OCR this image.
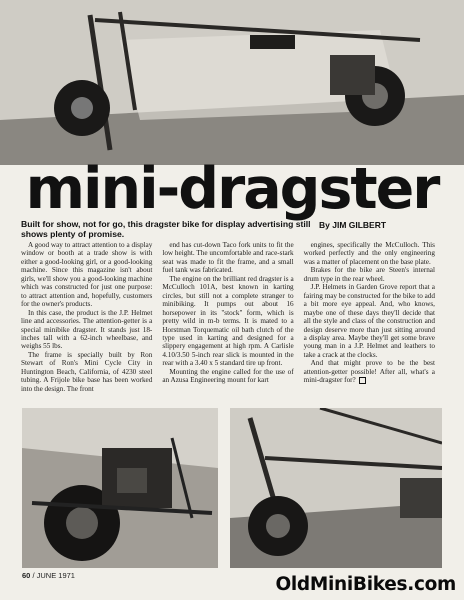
mini-dragster
Built for show, not for go, this dragster bike for display advertising still shows plenty of promise.
By JIM GILBERT

A good way to attract attention to a display window or booth at a trade show is with either a good-looking girl, or a good-looking machine. Since this magazine isn't about girls, we'll show you a good-looking machine which was constructed for just one purpose: to attract attention and, hopefully, customers for the owner's products.

In this case, the product is the J.P. Helmet line and accessories. The attention-getter is a special minibike dragster. It stands just 18-inches tall with a 62-inch wheelbase, and weighs 55 lbs.

The frame is specially built by Ron Stewart of Ron's Mini Cycle City in Huntington Beach, California, of 4230 steel tubing. A Frijole bike base has been worked into the design. The front

end has cut-down Taco fork units to fit the low height. The uncomfortable and race-stark seat was made to fit the frame, and a small fuel tank was fabricated.

The engine on the brilliant red dragster is a McCulloch 101A, best known in karting circles, but still not a complete stranger to minibiking. It pumps out about 16 horsepower in its "stock" form, which is pretty wild in m-b terms. It is mated to a Horstman Torquematic oil bath clutch of the type used in karting and designed for a slippery engagement at high rpm. A Carlisle 4.10/3.50 5-inch rear slick is mounted in the rear with a 3.40 x 5 standard tire up front.

Mounting the engine called for the use of an Azusa Engineering mount for kart

engines, specifically the McCulloch. This worked perfectly and the only engineering was a matter of placement on the base plate.

Brakes for the bike are Steen's internal drum type in the rear wheel.

J.P. Helmets in Garden Grove report that a fairing may be constructed for the bike to add a bit more eye appeal. And, who knows, maybe one of these days they'll decide that all the style and class of the construction and design deserve more than just sitting around a display area. Maybe they'll get some brave young man in a J.P. Helmet and leathers to take a crack at the clocks.

And that might prove to be the best attention-getter possible! After all, what's a mini-dragster for?

60 / JUNE 1971	OldMiniBikes.com
